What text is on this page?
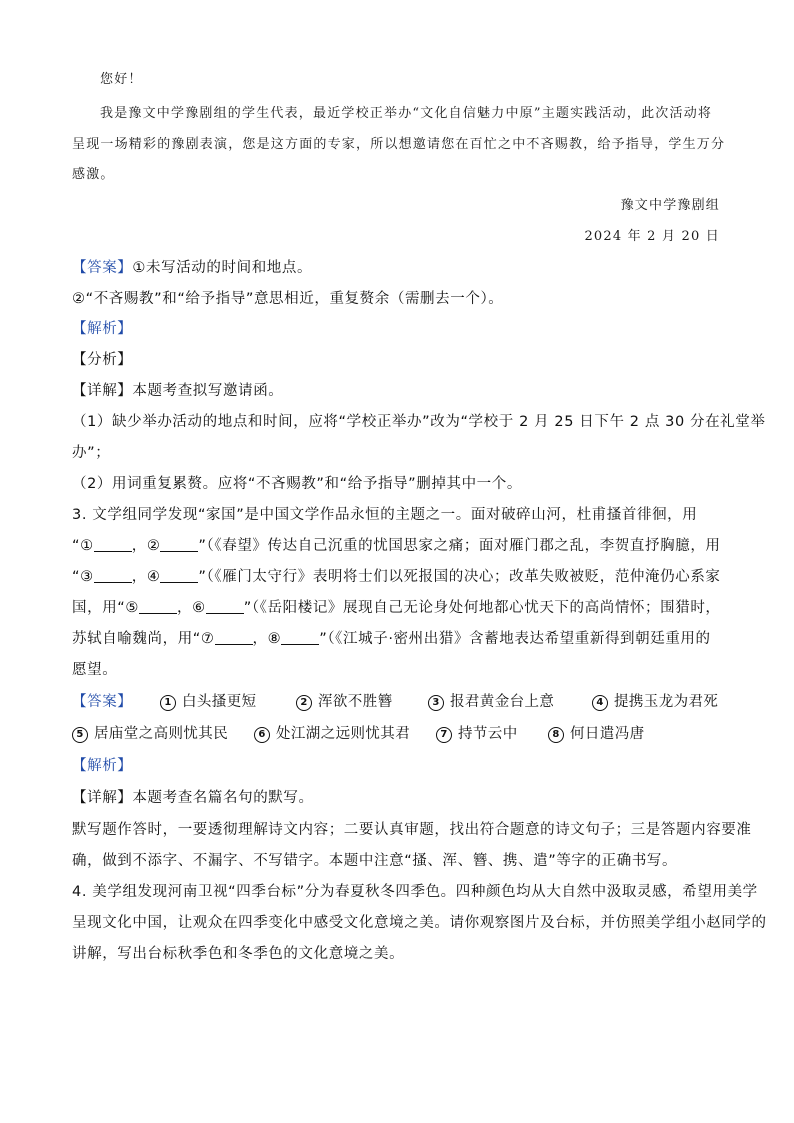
您好！
我是豫文中学豫剧组的学生代表，最近学校正举办“文化自信魅力中原”主题实践活动，此次活动将
呈现一场精彩的豫剧表演，您是这方面的专家，所以想邀请您在百忙之中不吝赐教，给予指导，学生万分
感激。
豫文中学豫剧组
2024 年 2 月 20 日
【答案】①未写活动的时间和地点。
②“不吝赐教”和“给予指导”意思相近，重复赘余（需删去一个）。
【解析】
【分析】
【详解】本题考查拟写邀请函。
（1）缺少举办活动的地点和时间，应将“学校正举办”改为“学校于 2 月 25 日下午 2 点 30 分在礼堂举
办”；
（2）用词重复累赘。应将“不吝赐教”和“给予指导”删掉其中一个。
3. 文学组同学发现“家国”是中国文学作品永恒的主题之一。面对破碎山河，杜甫搔首徘徊，用
“①	，②	”（《春望》传达自己沉重的忧国思家之痛；面对雁门郡之乱，李贺直抒胸臆，用
“③	，④	”（《雁门太守行》表明将士们以死报国的决心；改革失败被贬，范仲淹仍心系家
国，用“⑤	，⑥	”（《岳阳楼记》展现自己无论身处何地都心忧天下的高尚情怀；围猎时，
苏轼自喻魏尚，用“⑦	，⑧	”（《江城子·密州出猎》含蓄地表达希望重新得到朝廷重用的
愿望。
【答案】	1 白头搔更短	2 浑欲不胜簪	3 报君黄金台上意	4 提携玉龙为君死
5 居庙堂之高则忧其民	6 处江湖之远则忧其君	7 持节云中	8 何日遣冯唐
【解析】
【详解】本题考查名篇名句的默写。
默写题作答时，一要透彻理解诗文内容；二要认真审题，找出符合题意的诗文句子；三是答题内容要准
确，做到不添字、不漏字、不写错字。本题中注意“搔、浑、簪、携、遣”等字的正确书写。
4. 美学组发现河南卫视“四季台标”分为春夏秋冬四季色。四种颜色均从大自然中汲取灵感，希望用美学
呈现文化中国，让观众在四季变化中感受文化意境之美。请你观察图片及台标，并仿照美学组小赵同学的
讲解，写出台标秋季色和冬季色的文化意境之美。
